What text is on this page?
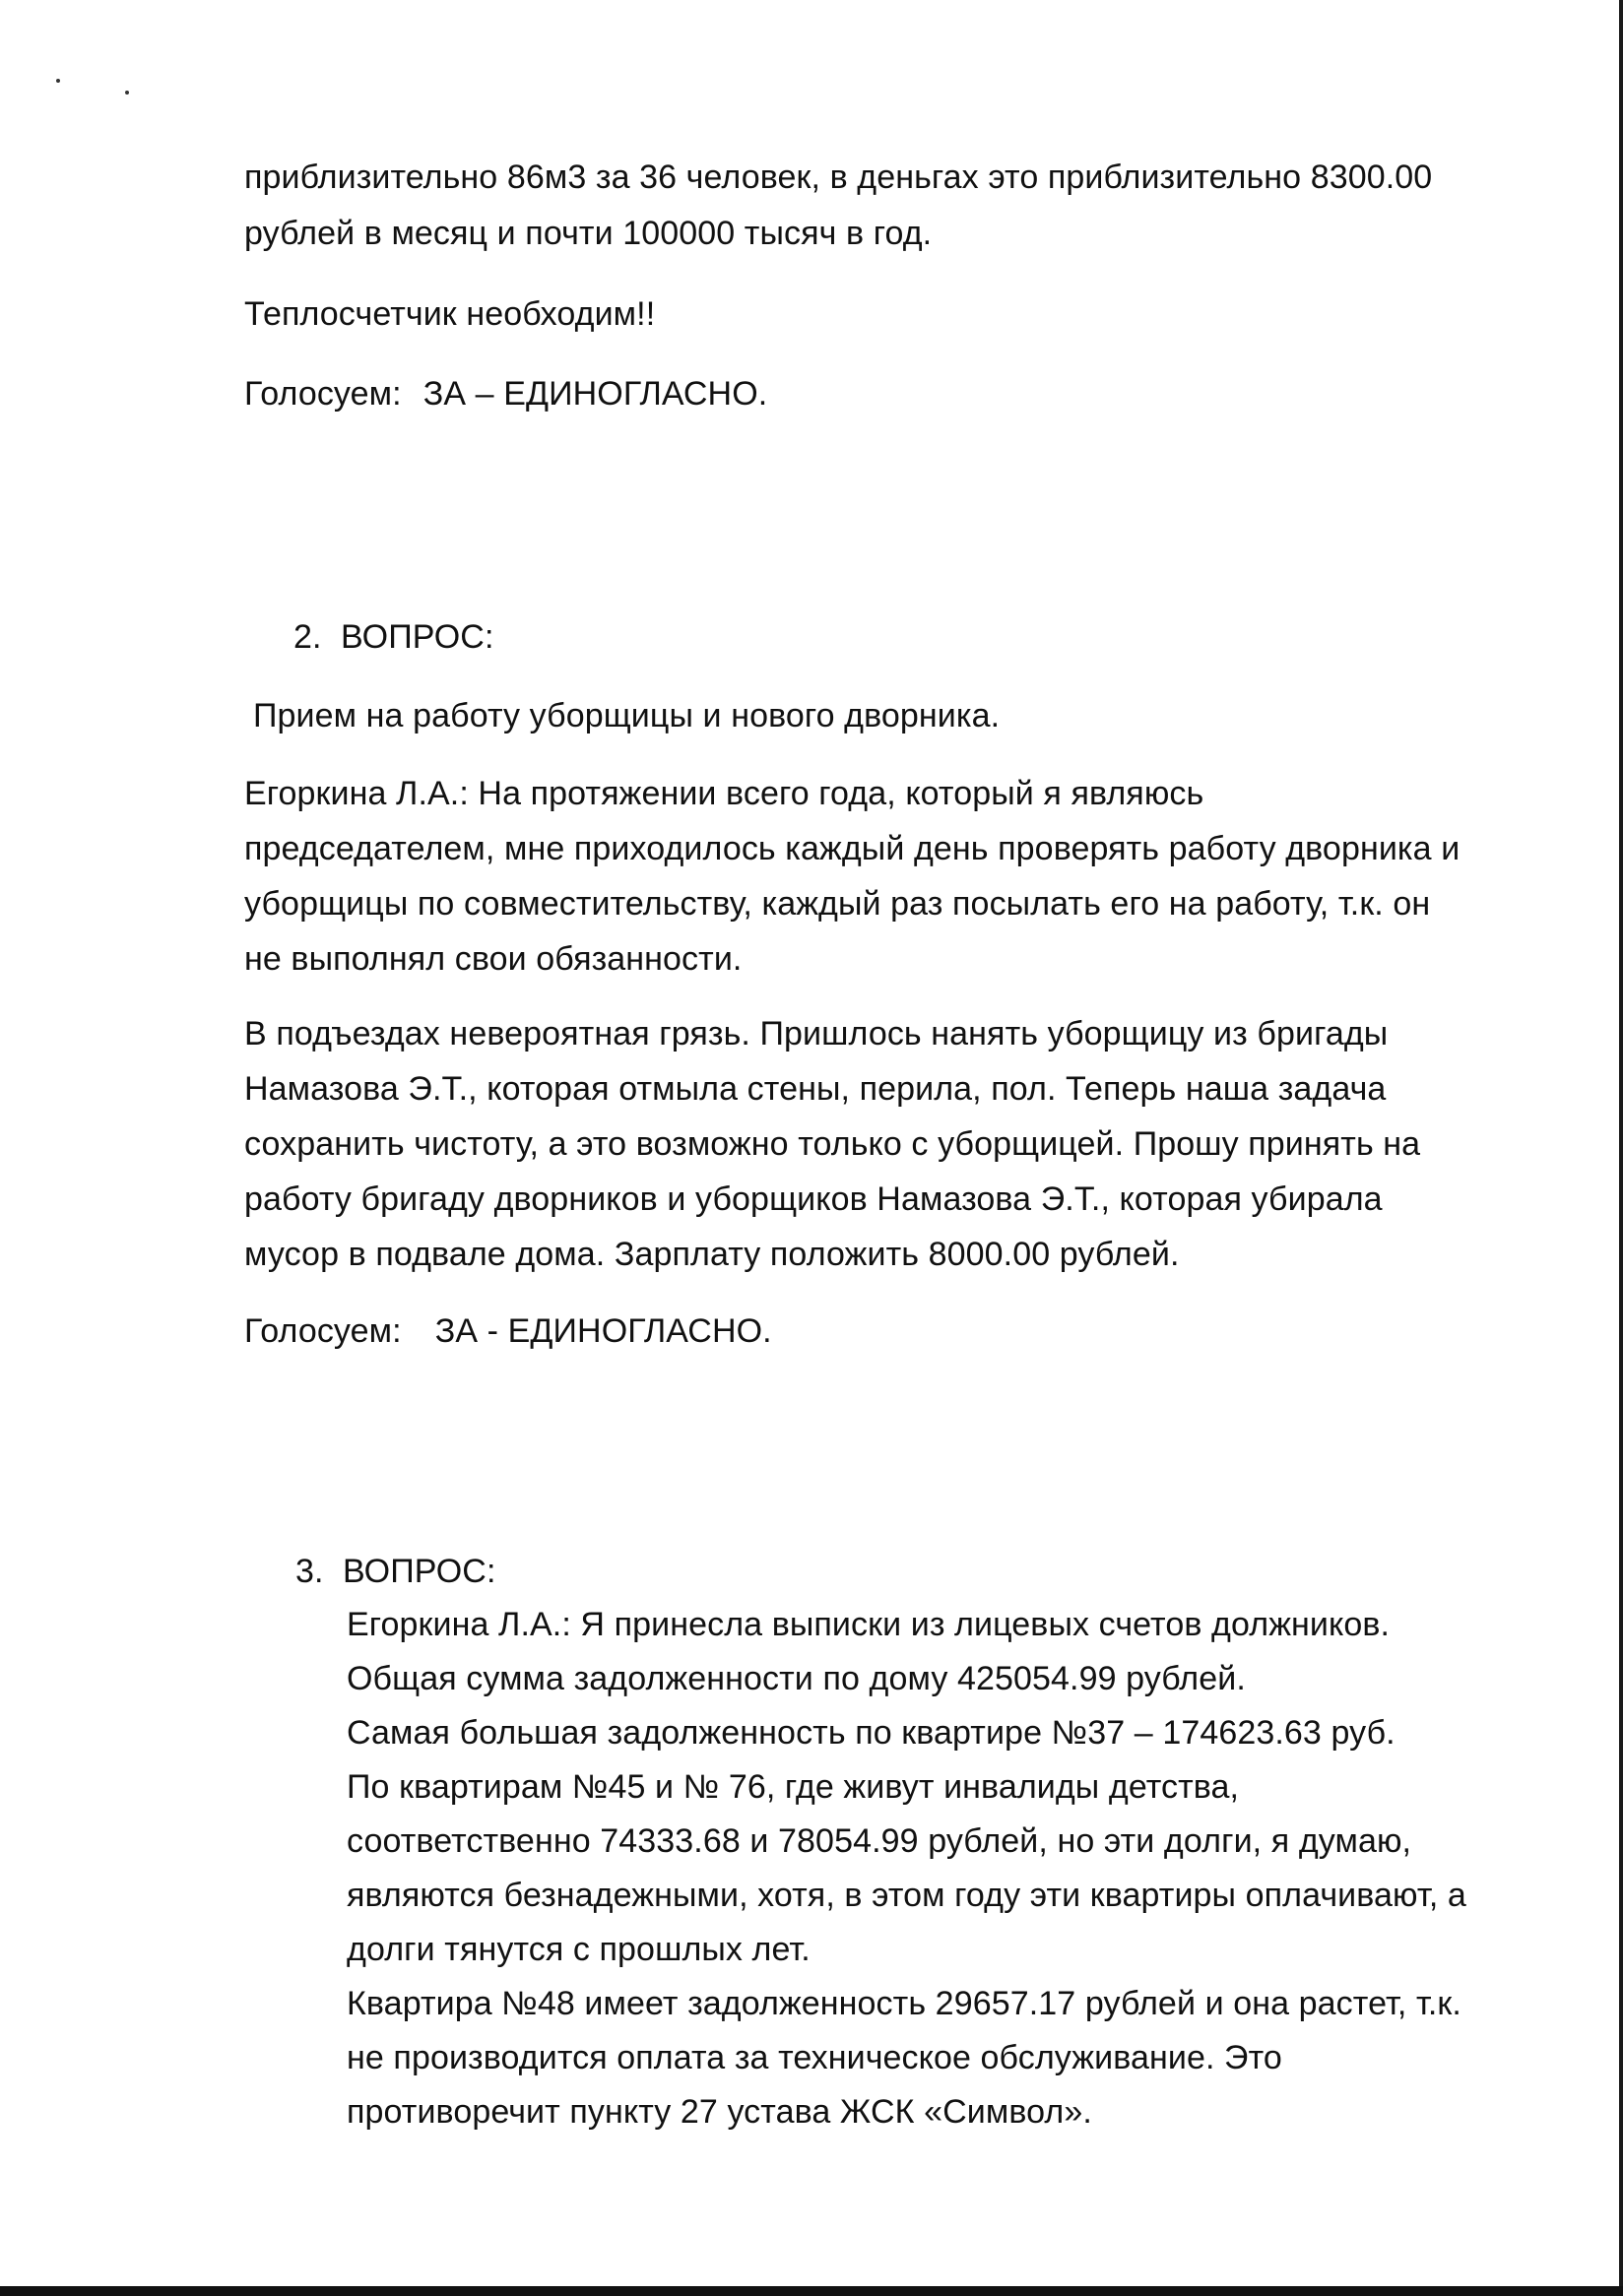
приблизительно 86м3 за 36 человек, в деньгах это приблизительно 8300.00
рублей в месяц и почти 100000 тысяч в год.
Теплосчетчик необходим!!
Голосуем: ЗА – ЕДИНОГЛАСНО.
2. ВОПРОС:
Прием на работу уборщицы и нового дворника.
Егоркина Л.А.: На протяжении всего года, который я являюсь
председателем, мне приходилось каждый день проверять работу дворника и
уборщицы по совместительству, каждый раз посылать его на работу, т.к. он
не выполнял свои обязанности.
В подъездах невероятная грязь. Пришлось нанять уборщицу из бригады
Намазова Э.Т., которая отмыла стены, перила, пол. Теперь наша задача
сохранить чистоту, а это возможно только с уборщицей. Прошу принять на
работу бригаду дворников и уборщиков Намазова Э.Т., которая убирала
мусор в подвале дома. Зарплату положить 8000.00 рублей.
Голосуем: ЗА - ЕДИНОГЛАСНО.
3. ВОПРОС:
Егоркина Л.А.: Я принесла выписки из лицевых счетов должников.
Общая сумма задолженности по дому 425054.99 рублей.
Самая большая задолженность по квартире №37 – 174623.63 руб.
По квартирам №45 и № 76, где живут инвалиды детства,
соответственно 74333.68 и 78054.99 рублей, но эти долги, я думаю,
являются безнадежными, хотя, в этом году эти квартиры оплачивают, а
долги тянутся с прошлых лет.
Квартира №48 имеет задолженность 29657.17 рублей и она растет, т.к.
не производится оплата за техническое обслуживание. Это
противоречит пункту 27 устава ЖСК «Символ».
